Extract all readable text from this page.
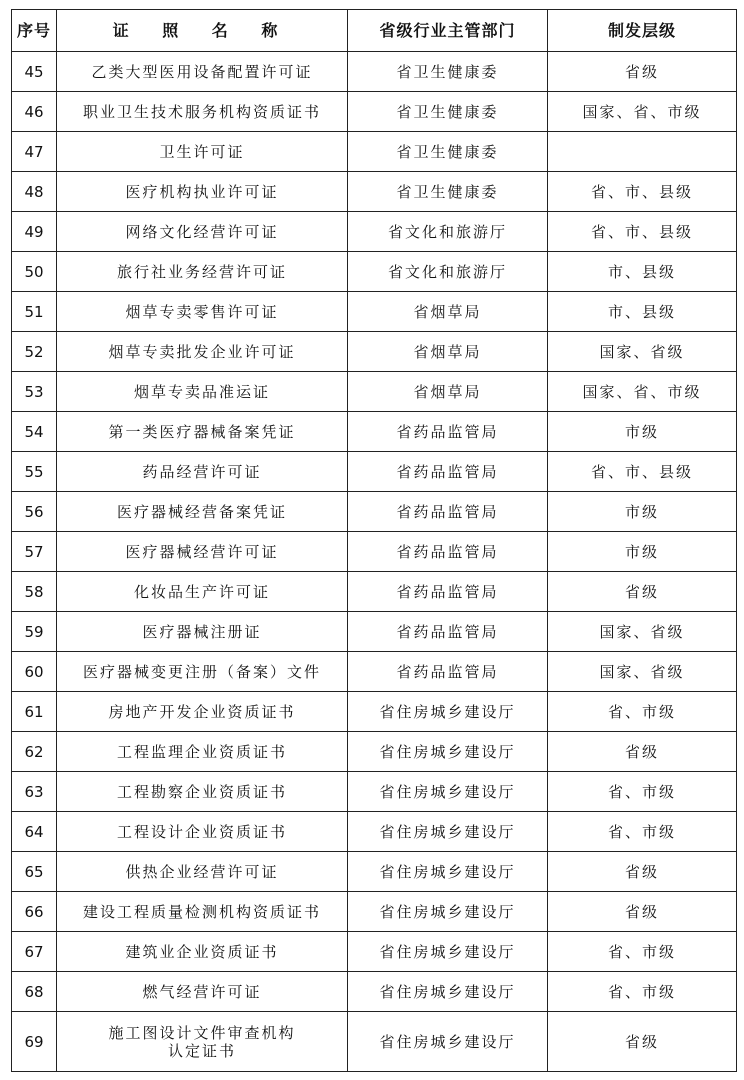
序号	证 照 名 称	省级行业主管部门	制发层级
45	乙类大型医用设备配置许可证	省卫生健康委	省级
46	职业卫生技术服务机构资质证书	省卫生健康委	国家、省、市级
47	卫生许可证	省卫生健康委	
48	医疗机构执业许可证	省卫生健康委	省、市、县级
49	网络文化经营许可证	省文化和旅游厅	省、市、县级
50	旅行社业务经营许可证	省文化和旅游厅	市、县级
51	烟草专卖零售许可证	省烟草局	市、县级
52	烟草专卖批发企业许可证	省烟草局	国家、省级
53	烟草专卖品准运证	省烟草局	国家、省、市级
54	第一类医疗器械备案凭证	省药品监管局	市级
55	药品经营许可证	省药品监管局	省、市、县级
56	医疗器械经营备案凭证	省药品监管局	市级
57	医疗器械经营许可证	省药品监管局	市级
58	化妆品生产许可证	省药品监管局	省级
59	医疗器械注册证	省药品监管局	国家、省级
60	医疗器械变更注册（备案）文件	省药品监管局	国家、省级
61	房地产开发企业资质证书	省住房城乡建设厅	省、市级
62	工程监理企业资质证书	省住房城乡建设厅	省级
63	工程勘察企业资质证书	省住房城乡建设厅	省、市级
64	工程设计企业资质证书	省住房城乡建设厅	省、市级
65	供热企业经营许可证	省住房城乡建设厅	省级
66	建设工程质量检测机构资质证书	省住房城乡建设厅	省级
67	建筑业企业资质证书	省住房城乡建设厅	省、市级
68	燃气经营许可证	省住房城乡建设厅	省、市级
69	施工图设计文件审查机构
认定证书	省住房城乡建设厅	省级
